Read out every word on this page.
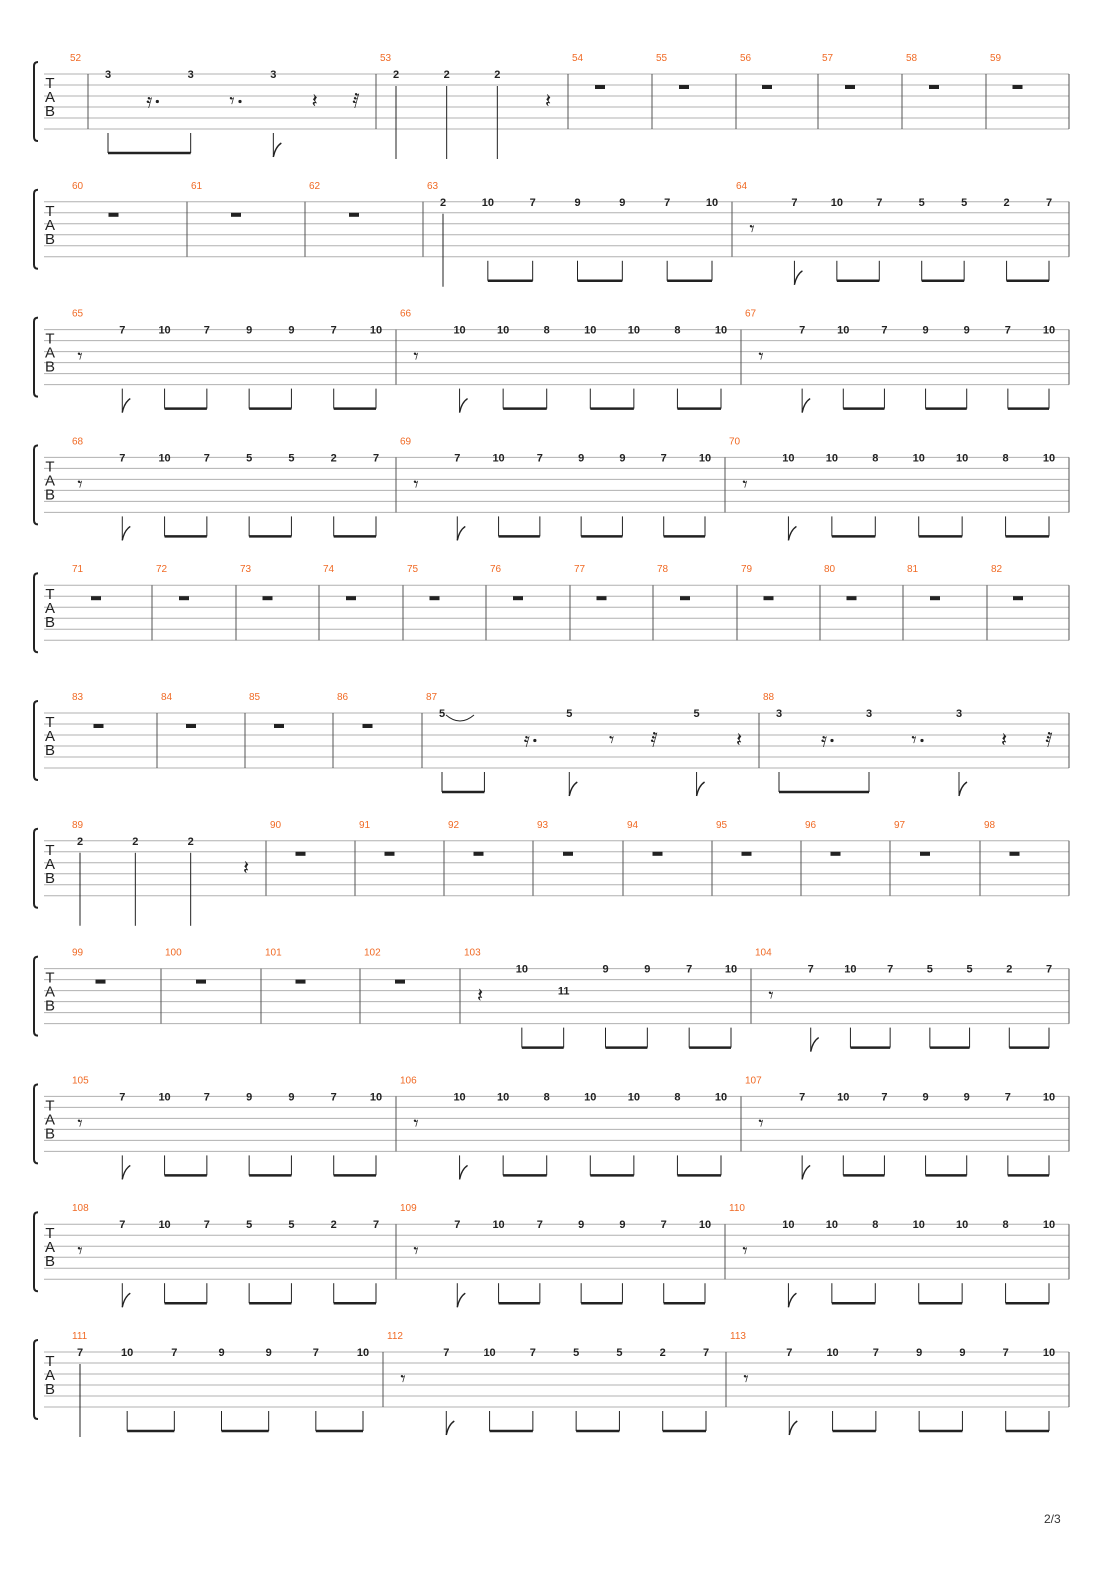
T
A
B
52
3
𝄿
3
𝄾
3
𝄽 𝅀
53
2	2	2
𝄽
54	55	56	57	58	59
T
A
B
60	61	62	63
2	10	7	9	9	7	10
64
𝄾
7	10	7	5	5	2	7
T
A
B
65
𝄾
7	10	7	9	9	7	10
66
𝄾
10	10	8	10	10	8	10
67
𝄾
7	10	7	9	9	7	10
T
A
B
68
𝄾
7	10	7	5	5	2	7
69
𝄾
7	10	7	9	9	7	10
70
𝄾
10	10	8	10	10	8	10
T
A
B
71	72	73	74	75	76	77	78	79	80	81	82
T
A
B
83	84	85	86	87
5
𝄿
5
𝄾 𝅀
5
𝄽
88
3
𝄿
3
𝄾
3
𝄽 𝅀
T
A
B
89
2	2	2
𝄽
90	91	92	93	94	95	96	97	98
T
A
B
99	100	101	102	103
𝄽
10
11
9	9	7	10
104
𝄾
7	10	7	5	5	2	7
T
A
B
105
𝄾
7	10	7	9	9	7	10
106
𝄾
10	10	8	10	10	8	10
107
𝄾
7	10	7	9	9	7	10
T
A
B
108
𝄾
7	10	7	5	5	2	7
109
𝄾
7	10	7	9	9	7	10
110
𝄾
10	10	8	10	10	8	10
T
A
B
111
7	10	7	9	9	7	10
112
𝄾
7	10	7	5	5	2	7
113
𝄾
7	10	7	9	9	7	10
2/3
